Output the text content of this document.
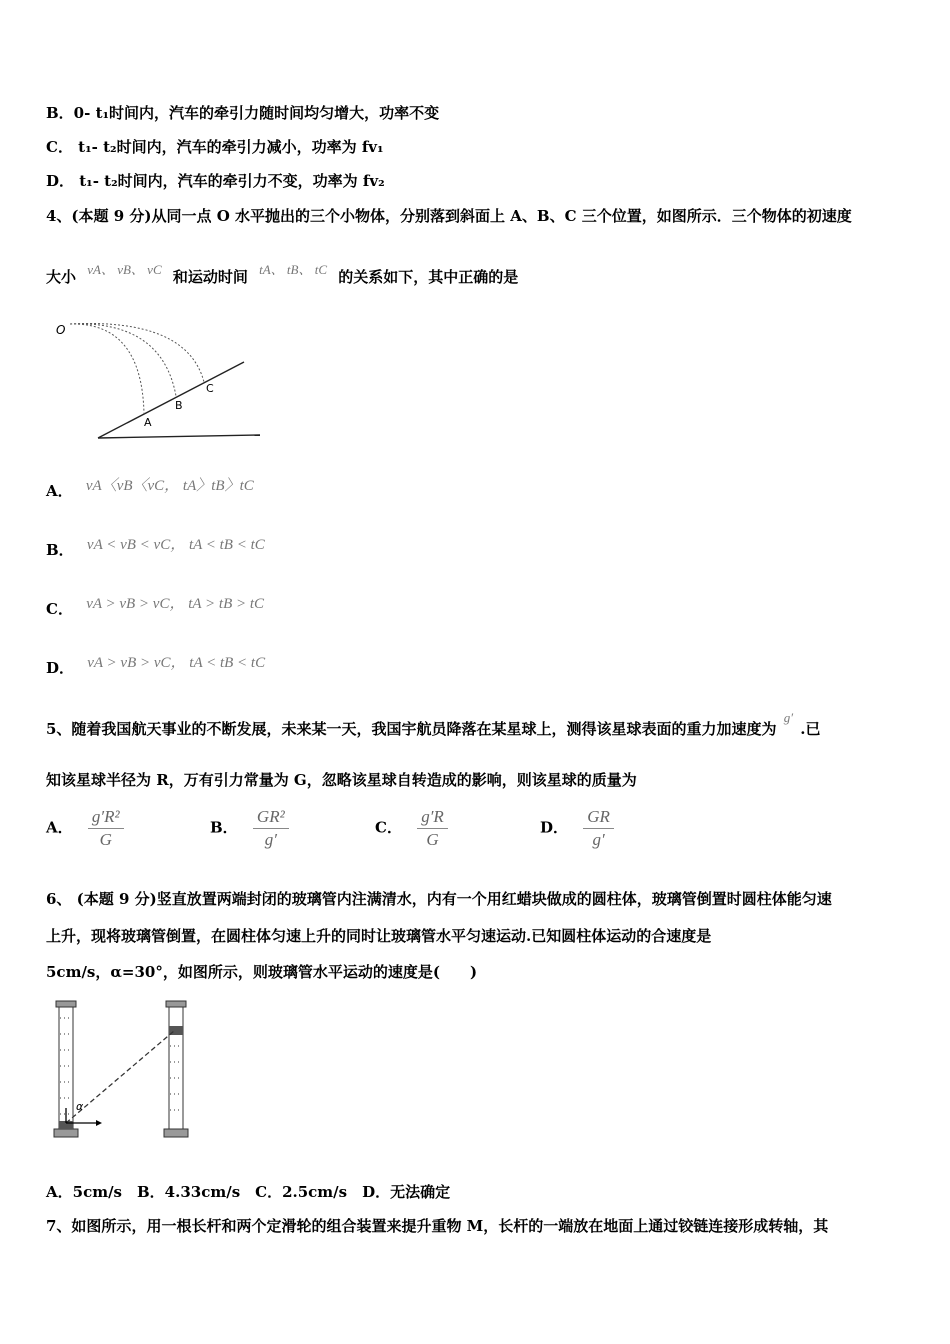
B．0- t₁时间内，汽车的牵引力随时间均匀增大，功率不变
C． t₁- t₂时间内，汽车的牵引力减小，功率为 fv₁
D． t₁- t₂时间内，汽车的牵引力不变，功率为 fv₂
4、(本题 9 分)从同一点 O 水平抛出的三个小物体，分别落到斜面上 A、B、C 三个位置，如图所示．三个物体的初速度
大小 vA、 vB、 vC 和运动时间 tA、 tB、 tC 的关系如下，其中正确的是
O
A
B
C
A． vA〈vB〈vC， tA〉tB〉tC
B． vA < vB < vC， tA < tB < tC
C． vA > vB > vC， tA > tB > tC
D． vA > vB > vC， tA < tB < tC
5、随着我国航天事业的不断发展，未来某一天，我国宇航员降落在某星球上，测得该星球表面的重力加速度为 g′ .已
知该星球半径为 R，万有引力常量为 G，忽略该星球自转造成的影响，则该星球的质量为
A． $\frac{\text{g′R²}}{G}$	B． $\frac{\text{GR²}}{g'}$	C． $\frac{g'R}{G}$	D． $\frac{GR}{g'}$
6、 (本题 9 分)竖直放置两端封闭的玻璃管内注满清水，内有一个用红蜡块做成的圆柱体，玻璃管倒置时圆柱体能匀速
上升，现将玻璃管倒置，在圆柱体匀速上升的同时让玻璃管水平匀速运动.已知圆柱体运动的合速度是
5cm/s，α=30°，如图所示，则玻璃管水平运动的速度是(　　)
α
A．5cm/s　B．4.33cm/s　C．2.5cm/s　D．无法确定
7、如图所示，用一根长杆和两个定滑轮的组合装置来提升重物 M，长杆的一端放在地面上通过铰链连接形成转轴，其
